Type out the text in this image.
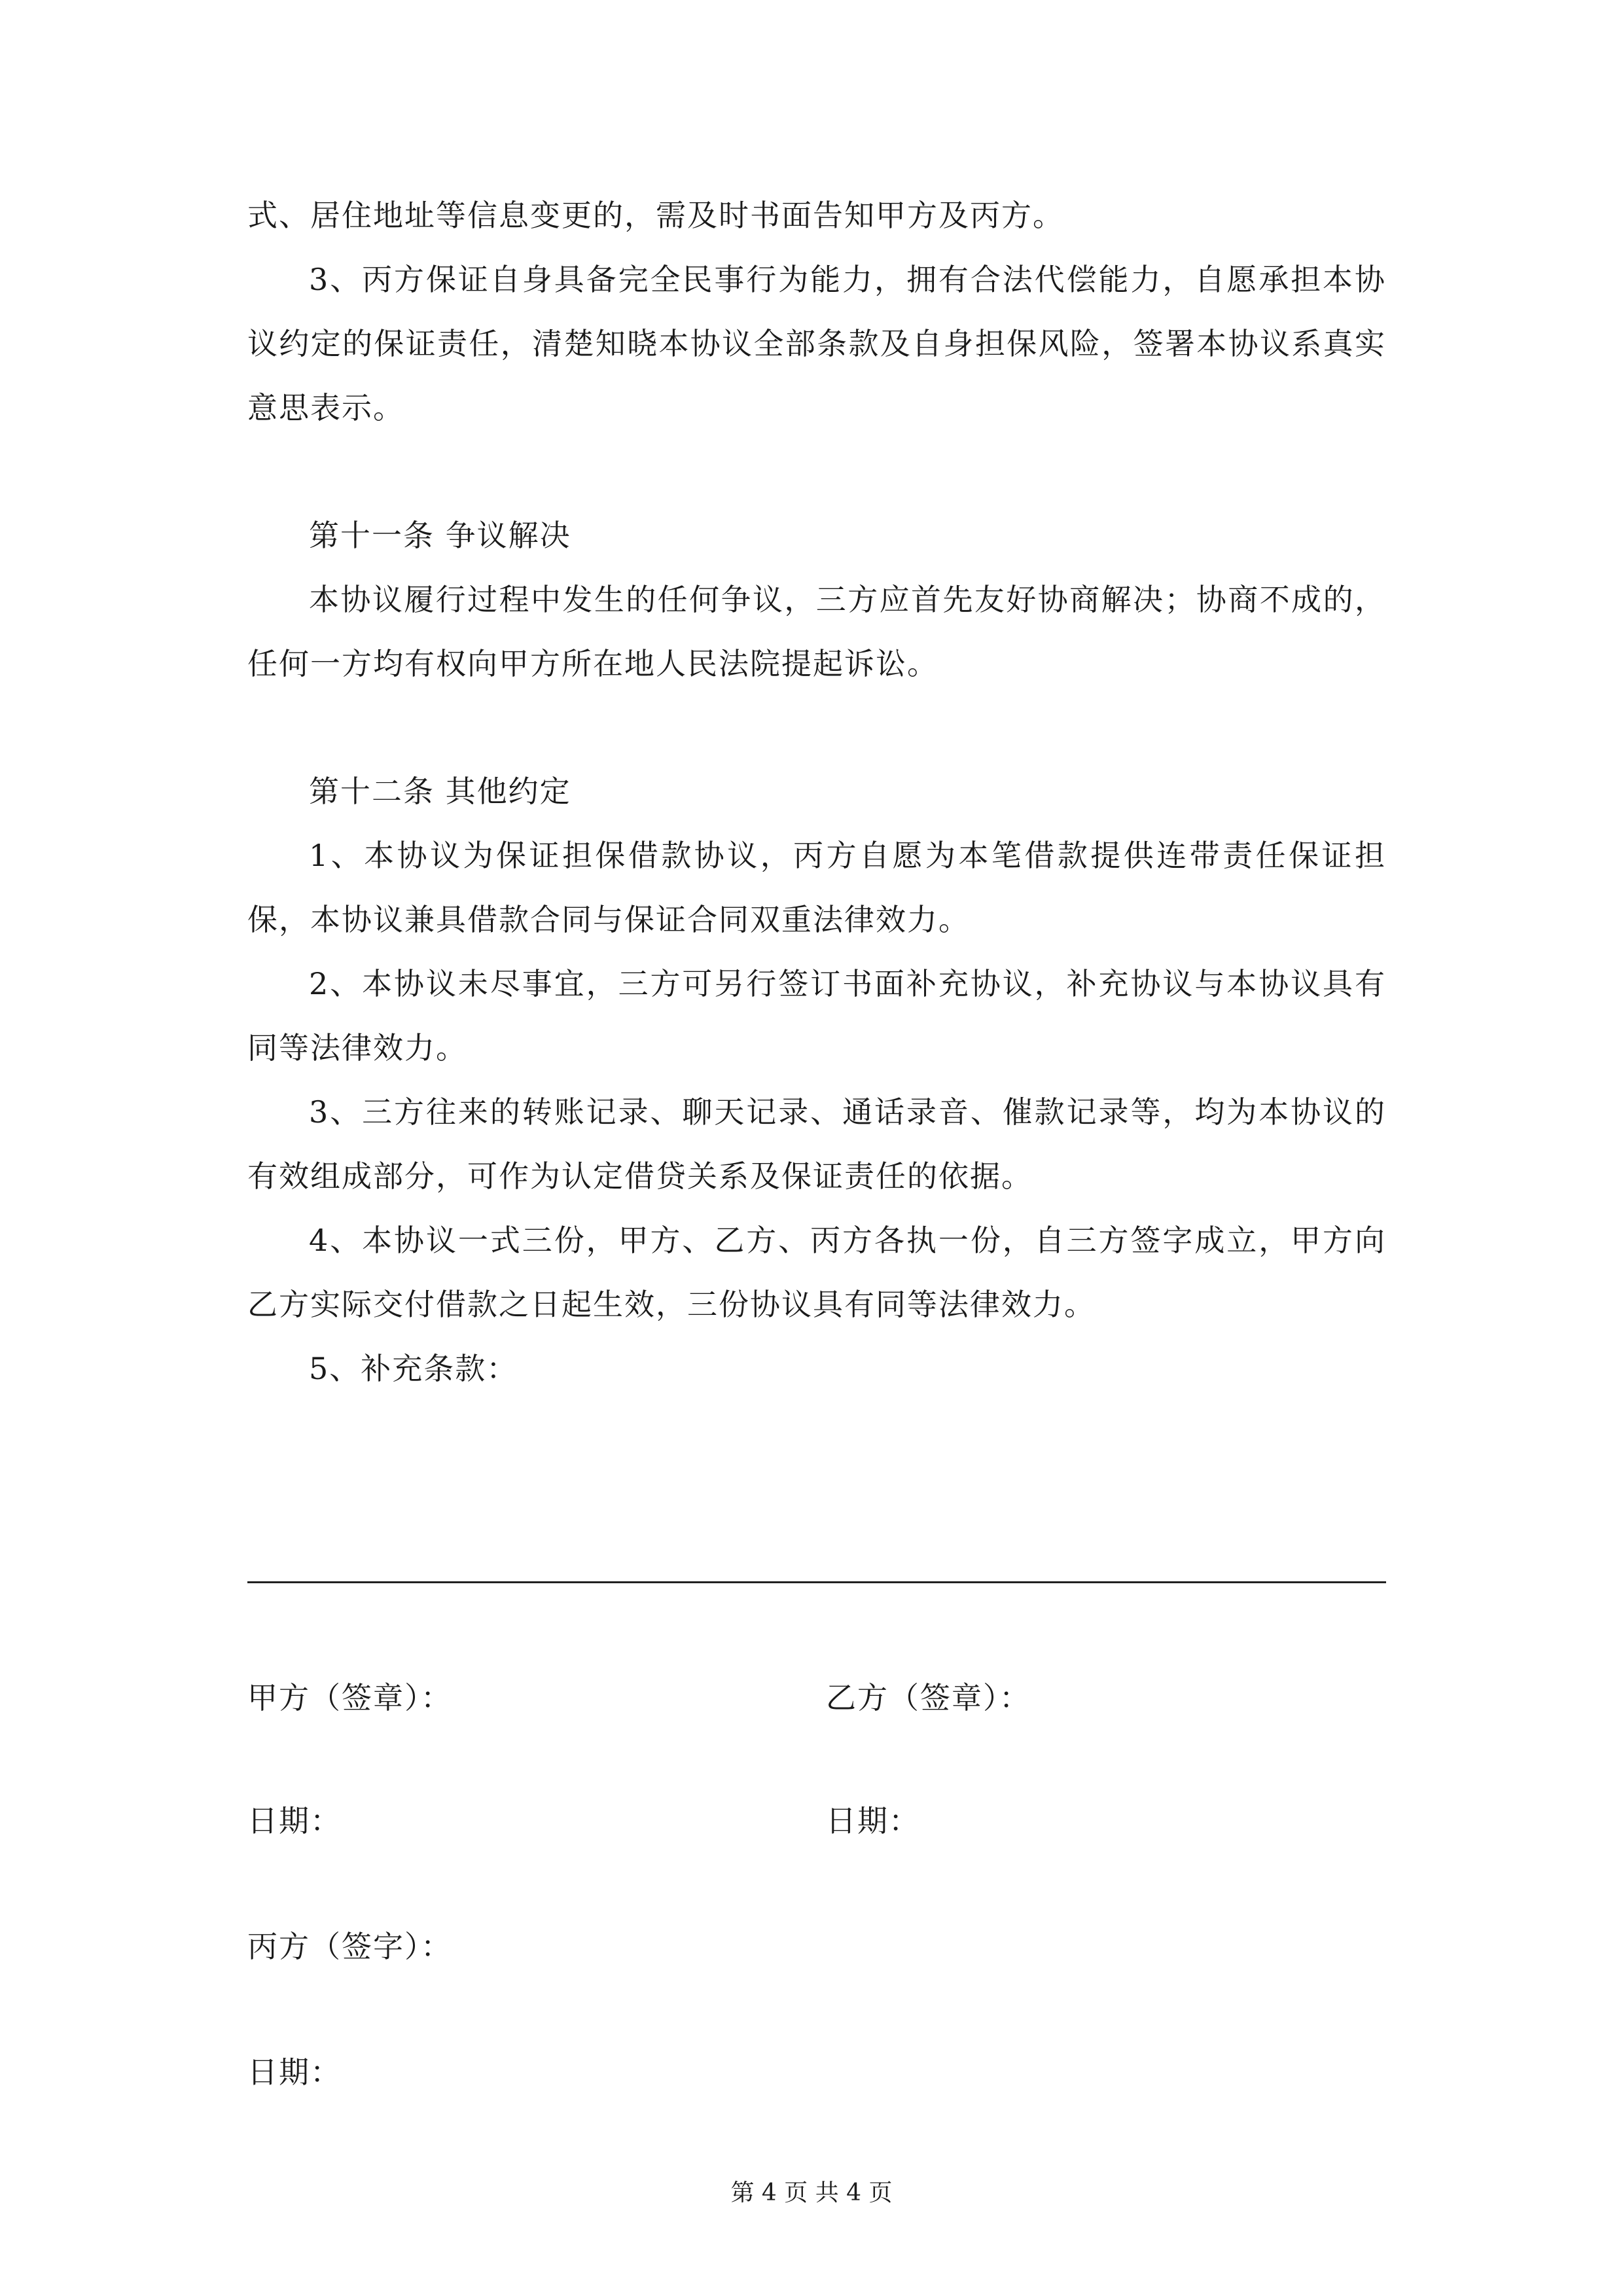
式、居住地址等信息变更的，需及时书面告知甲方及丙方。

3、丙方保证自身具备完全民事行为能力，拥有合法代偿能力，自愿承担本协议约定的保证责任，清楚知晓本协议全部条款及自身担保风险，签署本协议系真实意思表示。

第十一条 争议解决

本协议履行过程中发生的任何争议，三方应首先友好协商解决；协商不成的，任何一方均有权向甲方所在地人民法院提起诉讼。

第十二条 其他约定

1、本协议为保证担保借款协议，丙方自愿为本笔借款提供连带责任保证担保，本协议兼具借款合同与保证合同双重法律效力。

2、本协议未尽事宜，三方可另行签订书面补充协议，补充协议与本协议具有同等法律效力。

3、三方往来的转账记录、聊天记录、通话录音、催款记录等，均为本协议的有效组成部分，可作为认定借贷关系及保证责任的依据。

4、本协议一式三份，甲方、乙方、丙方各执一份，自三方签字成立，甲方向乙方实际交付借款之日起生效，三份协议具有同等法律效力。

5、补充条款：

甲方（签章）：	乙方（签章）：
日期：	日期：
丙方（签字）：
日期：
第 4 页 共 4 页
